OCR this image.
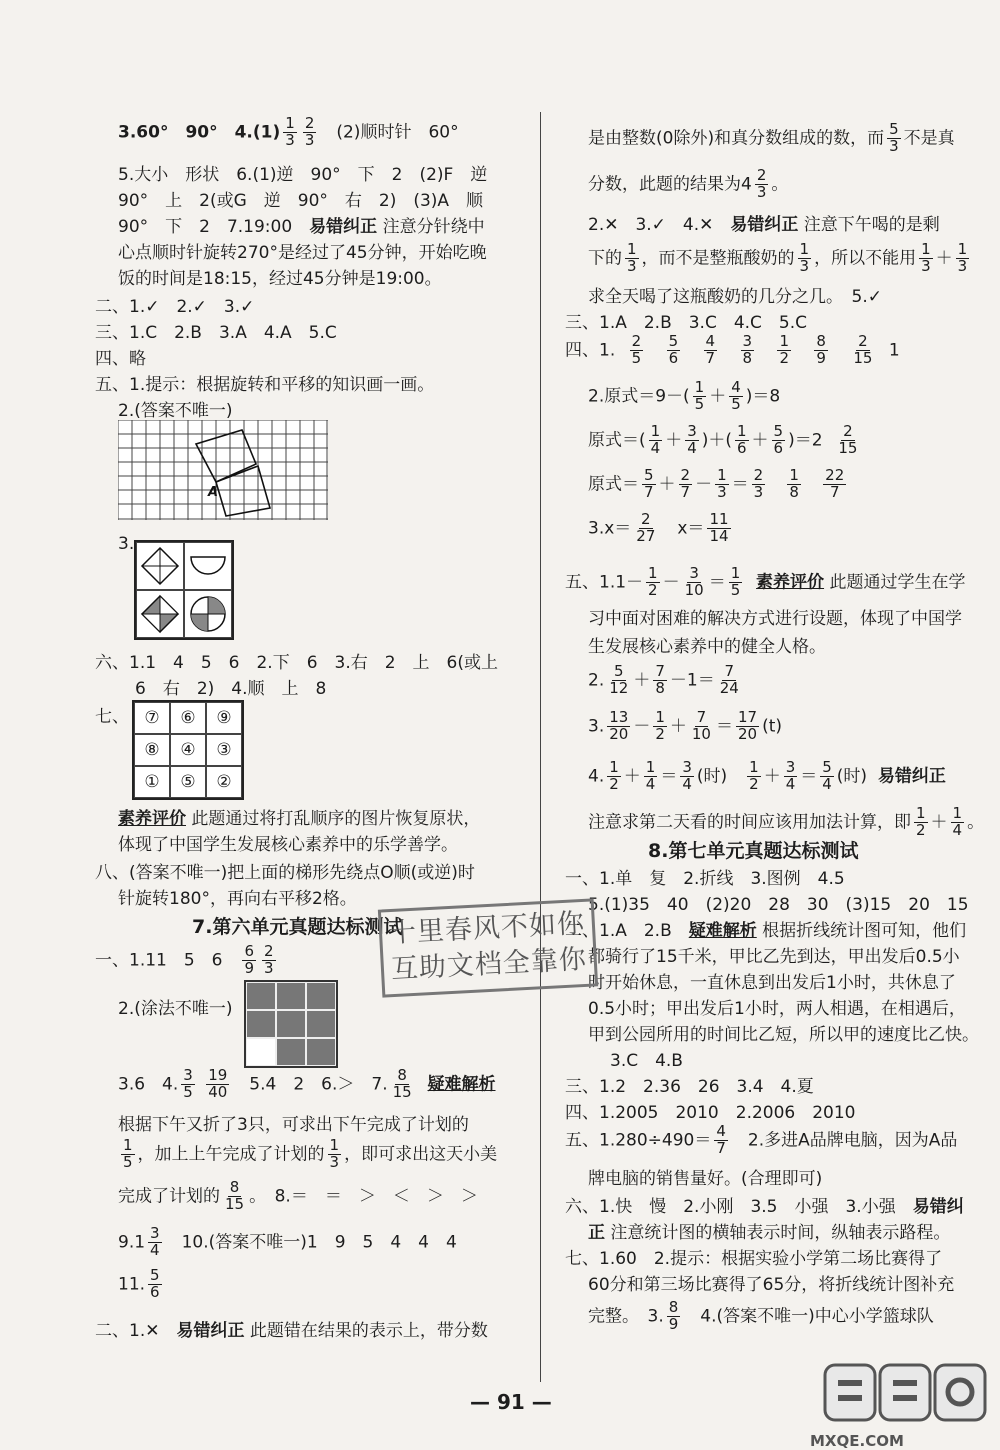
3.60°　90°　$4.(1) \frac{1}{3} \frac{2}{3}$ 　(2)顺时针　60°
5.大小　形状　6.(1)逆　90°　下　2　(2)F　逆
90°　上　2(或G　逆　90°　右　2)　(3)A　顺
90°　下　2　7.19:00　易错纠正 注意分针绕中
心点顺时针旋转270°是经过了45分钟，开始吃晚
饭的时间是18:15，经过45分钟是19:00。
二、1.✓　2.✓　3.✓
三、1.C　2.B　3.A　4.A　5.C
四、略
五、1.提示：根据旋转和平移的知识画一画。
2.(答案不唯一)
A
3.
六、1.1　4　5　6　2.下　6　3.右　2　上　6(或上
6　右　2)　4.顺　上　8
七、 ⑦	⑥	⑨
⑧	④	③
①	⑤	②
素养评价 此题通过将打乱顺序的图片恢复原状，
体现了中国学生发展核心素养中的乐学善学。
八、(答案不唯一)把上面的梯形先绕点O顺(或逆)时
针旋转180°，再向右平移2格。
7.第六单元真题达标测试
一、1.11　5　6　 $\frac{6}{9} \frac{2}{3}$
2.(涂法不唯一)
3.6　4. $\frac{3}{5}$
$\frac{19}{40}$ 　5.4　2　6.＞　7. $\frac{8}{15}$ 疑难解析
根据下午又折了3只，可求出下午完成了计划的
$\frac{1}{5}$ ，加上上午完成了计划的 $\frac{1}{3}$ ，即可求出这天小美
完成了计划的 $\frac{8}{15}$ 。　8.＝　＝　＞　＜　＞　＞
$9.1 \frac{3}{4}$ 　10.(答案不唯一)1　9　5　4　4　4
11. $\frac{5}{6}$
二、1.✕　易错纠正 此题错在结果的表示上，带分数
是由整数(0除外)和真分数组成的数，而 $\frac{5}{3}$ 不是真
分数，此题的结果为$4 \frac{2}{3}$ 。
2.✕　3.✓　4.✕　易错纠正 注意下午喝的是剩
下的 $\frac{1}{3}$ ，而不是整瓶酸奶的 $\frac{1}{3}$ ，所以不能用 $\frac{1}{3} + \frac{1}{3}$
求全天喝了这瓶酸奶的几分之几。　5.✓
三、1.A　2.B　3.C　4.C　5.C
四、1. $\frac{2}{5}$
$\frac{5}{6}$
$\frac{4}{7}$
$\frac{3}{8}$
$\frac{1}{2}$
$\frac{8}{9}$
$\frac{2}{15} 1$
2.原式$=9-( \frac{1}{5} + \frac{4}{5} )=8$
原式＝( $\frac{1}{4} + \frac{3}{4}$ )＋( $\frac{1}{6} + \frac{5}{6} )=2 \frac{2}{15}$
原式＝ $\frac{5}{7} + \frac{2}{7} - \frac{1}{3} = \frac{2}{3}$
$\frac{1}{8}$
$\frac{22}{7}$
$3.x= \frac{2}{27}$ 　$x= \frac{11}{14}$
五、$1.1- \frac{1}{2} - \frac{3}{10} = \frac{1}{5}$ 素养评价 此题通过学生在学
习中面对困难的解决方式进行设题，体现了中国学
生发展核心素养中的健全人格。
2. $\frac{5}{12} + \frac{7}{8} -1= \frac{7}{24}$
3. $\frac{13}{20} - \frac{1}{2} + \frac{7}{10} = \frac{17}{20} (t)$
4. $\frac{1}{2} + \frac{1}{4} = \frac{3}{4}$ (时)　 $\frac{1}{2} + \frac{3}{4} = \frac{5}{4}$ (时) 易错纠正
注意求第二天看的时间应该用加法计算，即 $\frac{1}{2} + \frac{1}{4}$ 。
8.第七单元真题达标测试
一、1.单　复　2.折线　3.图例　4.5
5.(1)35　40　(2)20　28　30　(3)15　20　15
二、1.A　2.B　疑难解析 根据折线统计图可知，他们
都骑行了15千米，甲比乙先到达，甲出发后0.5小
时开始休息，一直休息到出发后1小时，共休息了
0.5小时；甲出发后1小时，两人相遇，在相遇后，
甲到公园所用的时间比乙短，所以甲的速度比乙快。
3.C　4.B
三、1.2　2.36　26　3.4　4.夏
四、1.2005　2010　2.2006　2010
五、$1.280\div 490= \frac{4}{7}$ 　2.多进A品牌电脑，因为A品
牌电脑的销售量好。(合理即可)
六、1.快　慢　2.小刚　3.5　小强　3.小强　易错纠
正 注意统计图的横轴表示时间，纵轴表示路程。
七、1.60　2.提示：根据实验小学第二场比赛得了
60分和第三场比赛得了65分，将折线统计图补充
完整。　3. $\frac{8}{9}$ 　4.(答案不唯一)中心小学篮球队
十里春风不如你
互助文档全靠你
— 91 —
MXQE.COM
